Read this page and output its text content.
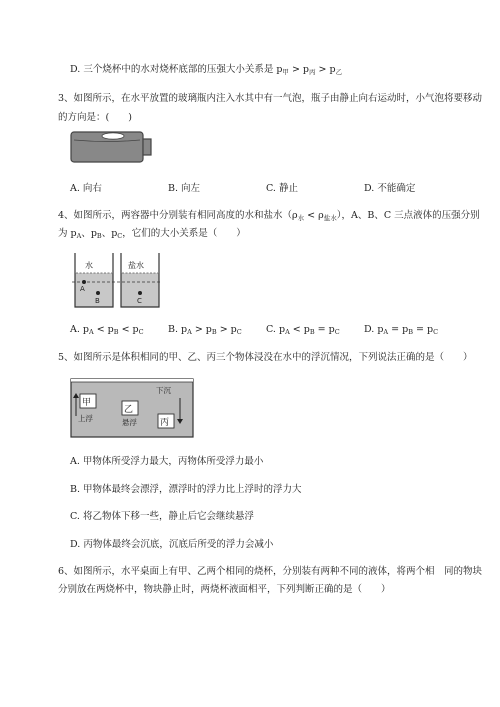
D. 三个烧杯中的水对烧杯底部的压强大小关系是 $p_甲 > p_丙 > p_乙$
3、如图所示，在水平放置的玻璃瓶内注入水其中有一气泡，瓶子由静止向右运动时，小气泡将要移动
的方向是：(　　)
A. 向右	B. 向左	C. 静止	D. 不能确定
4、如图所示，两容器中分别装有相同高度的水和盐水$(\rho_水 < \rho_{盐水})$，A、B、C 三点液体的压强分别
为 $p_A$、$p_B$、$p_C$，它们的大小关系是（　　）
水	盐水
A
B	C
A. $p_A < p_B < p_C$	B. $p_A > p_B > p_C$	C. $p_A < p_B = p_C$	D. $p_A = p_B = p_C$
5、如图所示是体积相同的甲、乙、丙三个物体浸没在水中的浮沉情况，下列说法正确的是（　　）
甲
上浮
乙
悬浮
下沉
丙
A. 甲物体所受浮力最大，丙物体所受浮力最小
B. 甲物体最终会漂浮，漂浮时的浮力比上浮时的浮力大
C. 将乙物体下移一些，静止后它会继续悬浮
D. 丙物体最终会沉底，沉底后所受的浮力会减小
6、如图所示，水平桌面上有甲、乙两个相同的烧杯，分别装有两种不同的液体，将两个相　同的物块
分别放在两烧杯中，物块静止时，两烧杯液面相平，下列判断正确的是（　　）
